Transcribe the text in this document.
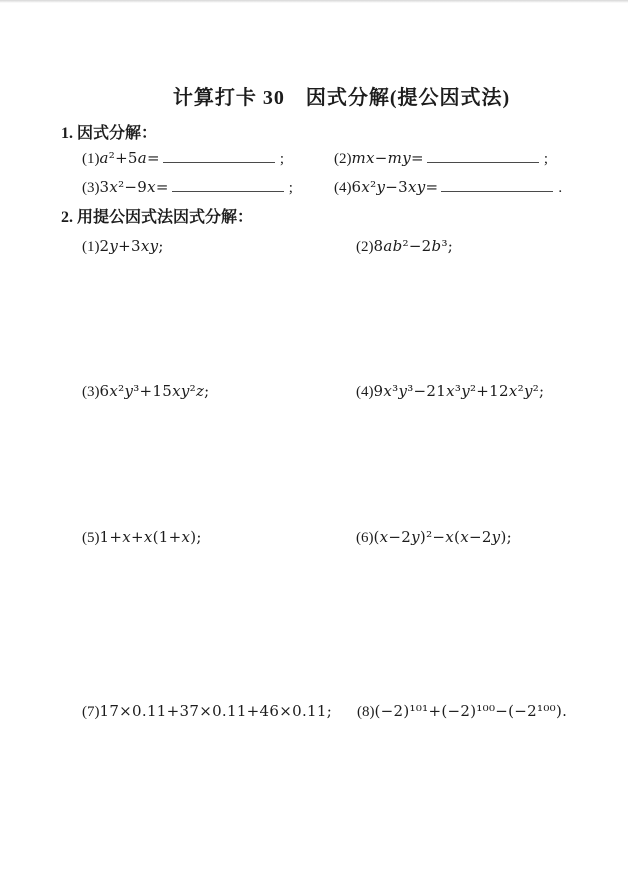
计算打卡 30　因式分解(提公因式法)
1. 因式分解：
(1)a²+5a=	;	(2)mx−my=	;
(3)3x²−9x=	;	(4)6x²y−3xy=	.
2. 用提公因式法因式分解：
(1)2y+3xy;	(2)8ab²−2b³;
(3)6x²y³+15xy²z;	(4)9x³y³−21x³y²+12x²y²;
(5)1+x+x(1+x);	(6)(x−2y)²−x(x−2y);
(7)17×0.11+37×0.11+46×0.11; (8)(−2)¹⁰¹+(−2)¹⁰⁰−(−2¹⁰⁰).
